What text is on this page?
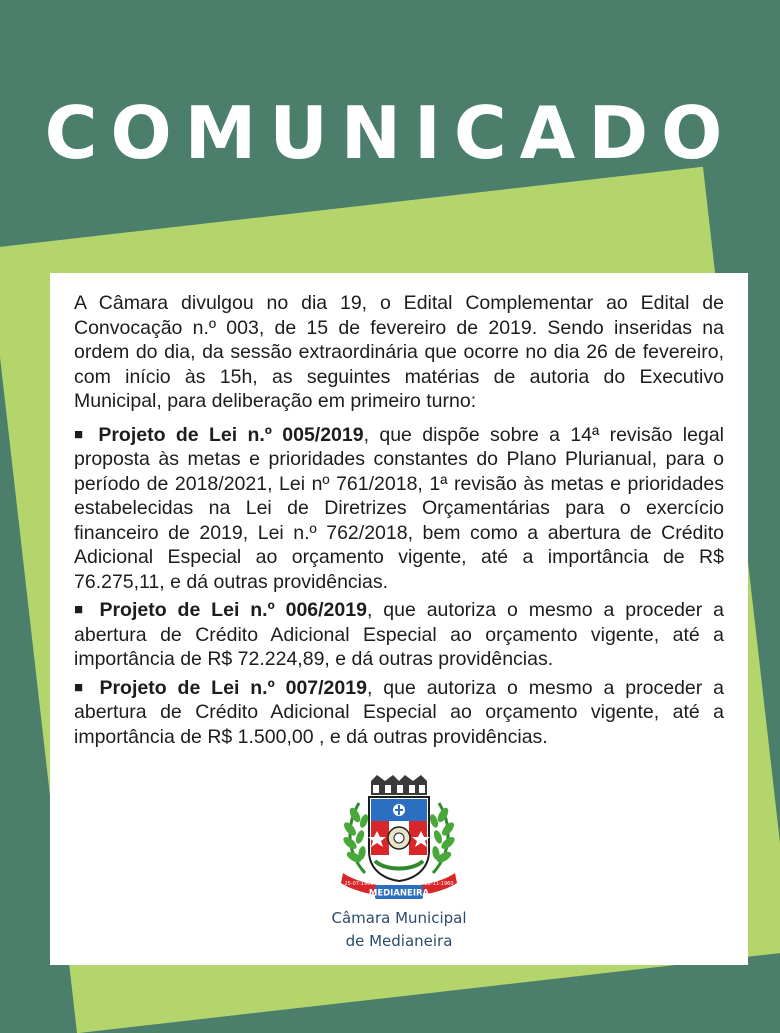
COMUNICADO

A Câmara divulgou no dia 19, o Edital Complementar ao Edital de Convocação n.º 003, de 15 de fevereiro de 2019. Sendo inseridas na ordem do dia, da sessão extraordinária que ocorre no dia 26 de fevereiro, com início às 15h, as seguintes matérias de autoria do Executivo Municipal, para deliberação em primeiro turno:

■ Projeto de Lei n.º 005/2019, que dispõe sobre a 14ª revisão legal proposta às metas e prioridades constantes do Plano Plurianual, para o período de 2018/2021, Lei nº 761/2018, 1ª revisão às metas e prioridades estabelecidas na Lei de Diretrizes Orçamentárias para o exercício financeiro de 2019, Lei n.º 762/2018, bem como a abertura de Crédito Adicional Especial ao orçamento vigente, até a importância de R$ 76.275,11, e dá outras providências.

■ Projeto de Lei n.º 006/2019, que autoriza o mesmo a proceder a abertura de Crédito Adicional Especial ao orçamento vigente, até a importância de R$ 72.224,89, e dá outras providências.

■ Projeto de Lei n.º 007/2019, que autoriza o mesmo a proceder a abertura de Crédito Adicional Especial ao orçamento vigente, até a importância de R$ 1.500,00 , e dá outras providências.

MEDIANEIRA
25-07-1960	28-11-1960
Câmara Municipal
de Medianeira
